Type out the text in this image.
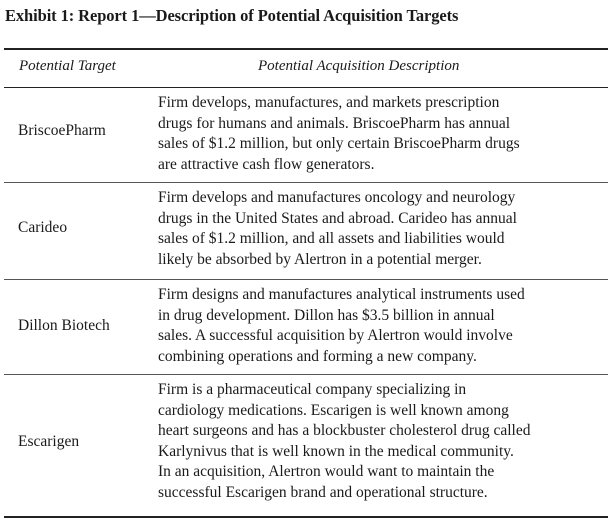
Exhibit 1: Report 1—Description of Potential Acquisition Targets
Potential Target	Potential Acquisition Description
BriscoePharm
Firm develops, manufactures, and markets prescription
drugs for humans and animals. BriscoePharm has annual
sales of $1.2 million, but only certain BriscoePharm drugs
are attractive cash flow generators.
Carideo
Firm develops and manufactures oncology and neurology
drugs in the United States and abroad. Carideo has annual
sales of $1.2 million, and all assets and liabilities would
likely be absorbed by Alertron in a potential merger.
Dillon Biotech
Firm designs and manufactures analytical instruments used
in drug development. Dillon has $3.5 billion in annual
sales. A successful acquisition by Alertron would involve
combining operations and forming a new company.
Escarigen
Firm is a pharmaceutical company specializing in
cardiology medications. Escarigen is well known among
heart surgeons and has a blockbuster cholesterol drug called
Karlynivus that is well known in the medical community.
In an acquisition, Alertron would want to maintain the
successful Escarigen brand and operational structure.
